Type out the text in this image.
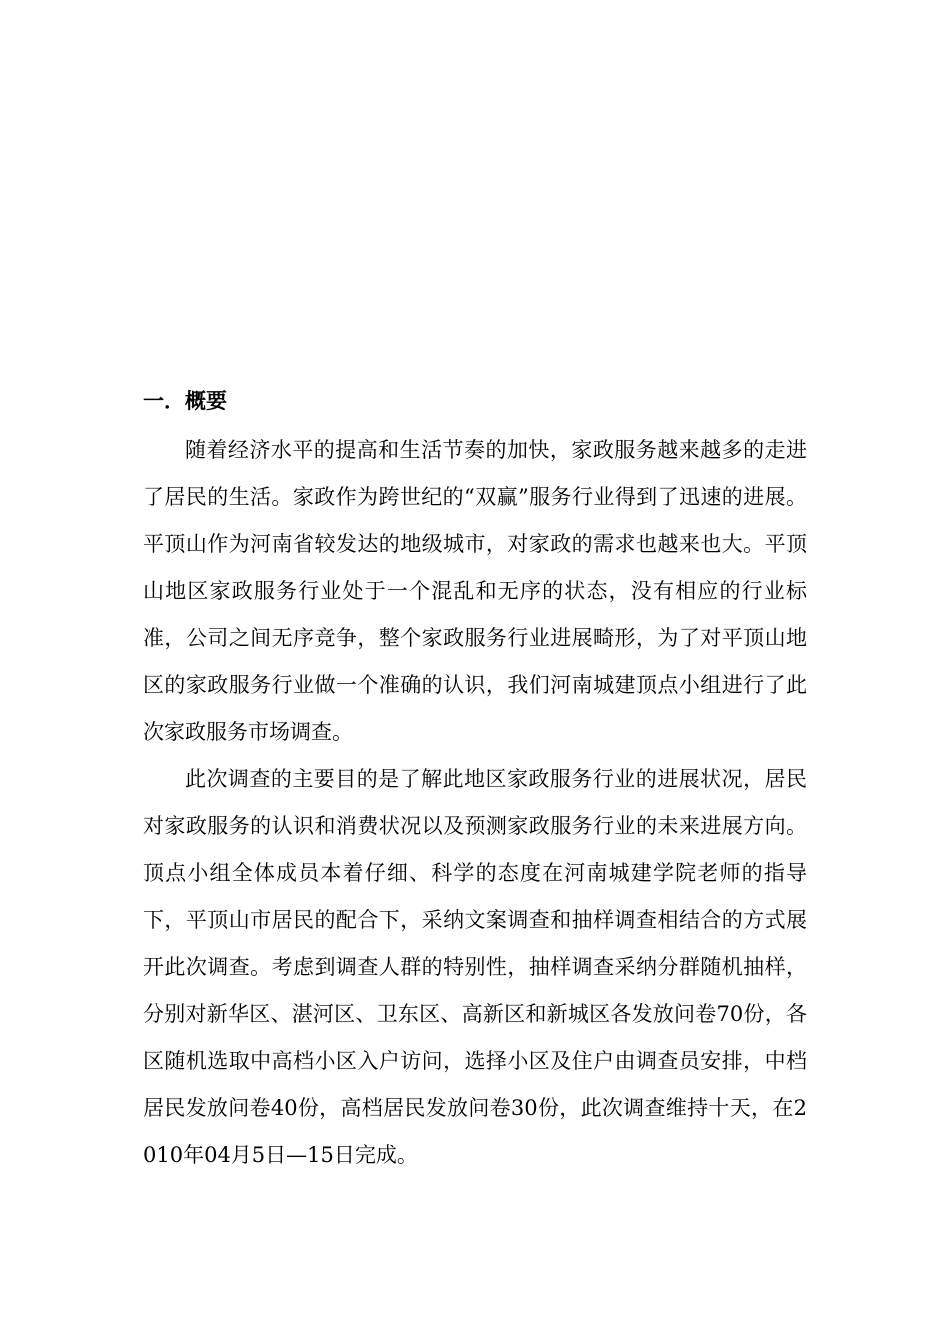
一．概要

随着经济水平的提高和生活节奏的加快，家政服务越来越多的走进了居民的生活。家政作为跨世纪的“双赢”服务行业得到了迅速的进展。平顶山作为河南省较发达的地级城市，对家政的需求也越来也大。平顶山地区家政服务行业处于一个混乱和无序的状态，没有相应的行业标准，公司之间无序竞争，整个家政服务行业进展畸形，为了对平顶山地区的家政服务行业做一个准确的认识，我们河南城建顶点小组进行了此次家政服务市场调查。

此次调查的主要目的是了解此地区家政服务行业的进展状况，居民对家政服务的认识和消费状况以及预测家政服务行业的未来进展方向。顶点小组全体成员本着仔细、科学的态度在河南城建学院老师的指导下，平顶山市居民的配合下，采纳文案调查和抽样调查相结合的方式展开此次调查。考虑到调查人群的特别性，抽样调查采纳分群随机抽样，分别对新华区、湛河区、卫东区、高新区和新城区各发放问卷70份，各区随机选取中高档小区入户访问，选择小区及住户由调查员安排，中档居民发放问卷40份，高档居民发放问卷30份，此次调查维持十天，在2010年04月5日—15日完成。
